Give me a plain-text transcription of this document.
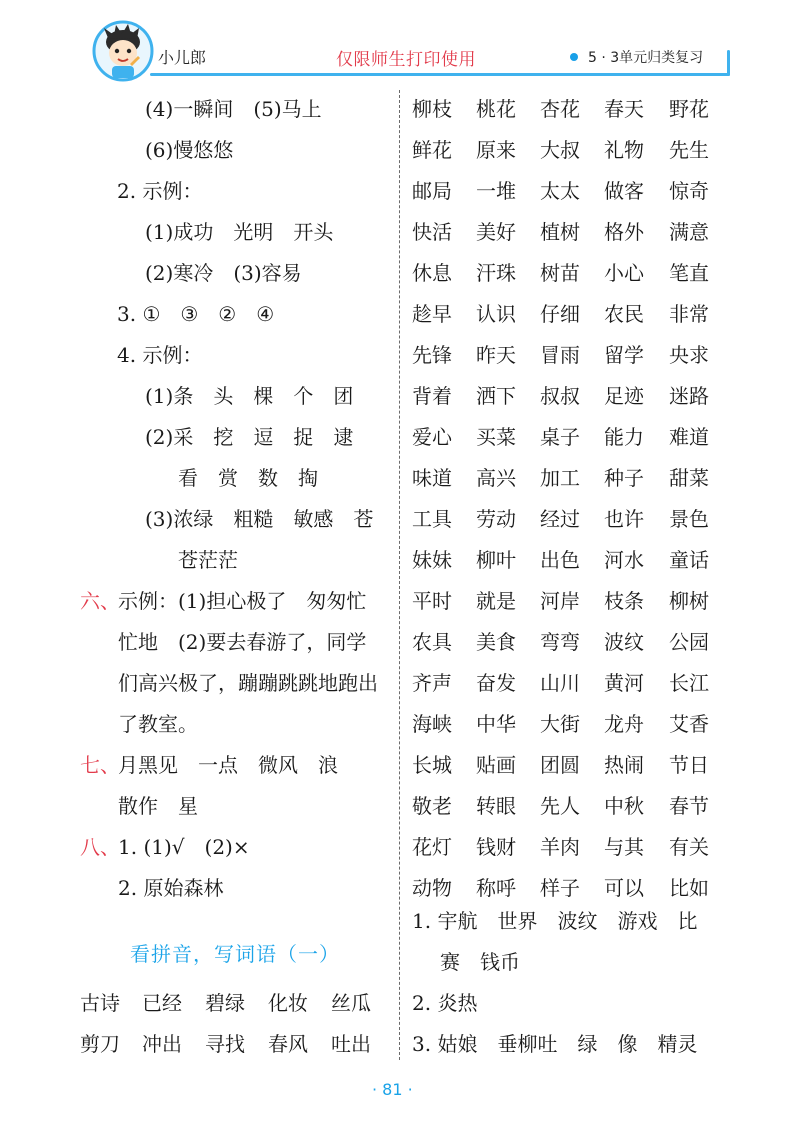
小儿郎	仅限师生打印使用	5 · 3单元归类复习
(4)一瞬间　(5)马上
(6)慢悠悠
2. 示例：
(1)成功　光明　开头
(2)寒冷　(3)容易
3. ①　③　②　④
4. 示例：
(1)条　头　棵　个　团
(2)采　挖　逗　捉　逮
看　赏　数　掏
(3)浓绿　粗糙　敏感　苍
苍茫茫
六、
示例：(1)担心极了　匆匆忙
忙地　(2)要去春游了，同学
们高兴极了，蹦蹦跳跳地跑出
了教室。
七、
月黑见　一点　微风　浪
散作　星
八、
1. (1)√　(2)×
2. 原始森林
看拼音，写词语（一）
古诗 已经 碧绿 化妆 丝瓜
剪刀 冲出 寻找 春风 吐出
柳枝 桃花 杏花 春天 野花
鲜花 原来 大叔 礼物 先生
邮局 一堆 太太 做客 惊奇
快活 美好 植树 格外 满意
休息 汗珠 树苗 小心 笔直
趁早 认识 仔细 农民 非常
先锋 昨天 冒雨 留学 央求
背着 洒下 叔叔 足迹 迷路
爱心 买菜 桌子 能力 难道
味道 高兴 加工 种子 甜菜
工具 劳动 经过 也许 景色
妹妹 柳叶 出色 河水 童话
平时 就是 河岸 枝条 柳树
农具 美食 弯弯 波纹 公园
齐声 奋发 山川 黄河 长江
海峡 中华 大街 龙舟 艾香
长城 贴画 团圆 热闹 节日
敬老 转眼 先人 中秋 春节
花灯 钱财 羊肉 与其 有关
动物 称呼 样子 可以 比如
1. 宇航　世界　波纹　游戏　比
赛　钱币
2. 炎热
3. 姑娘　垂柳吐　绿　像　精灵
· 81 ·
